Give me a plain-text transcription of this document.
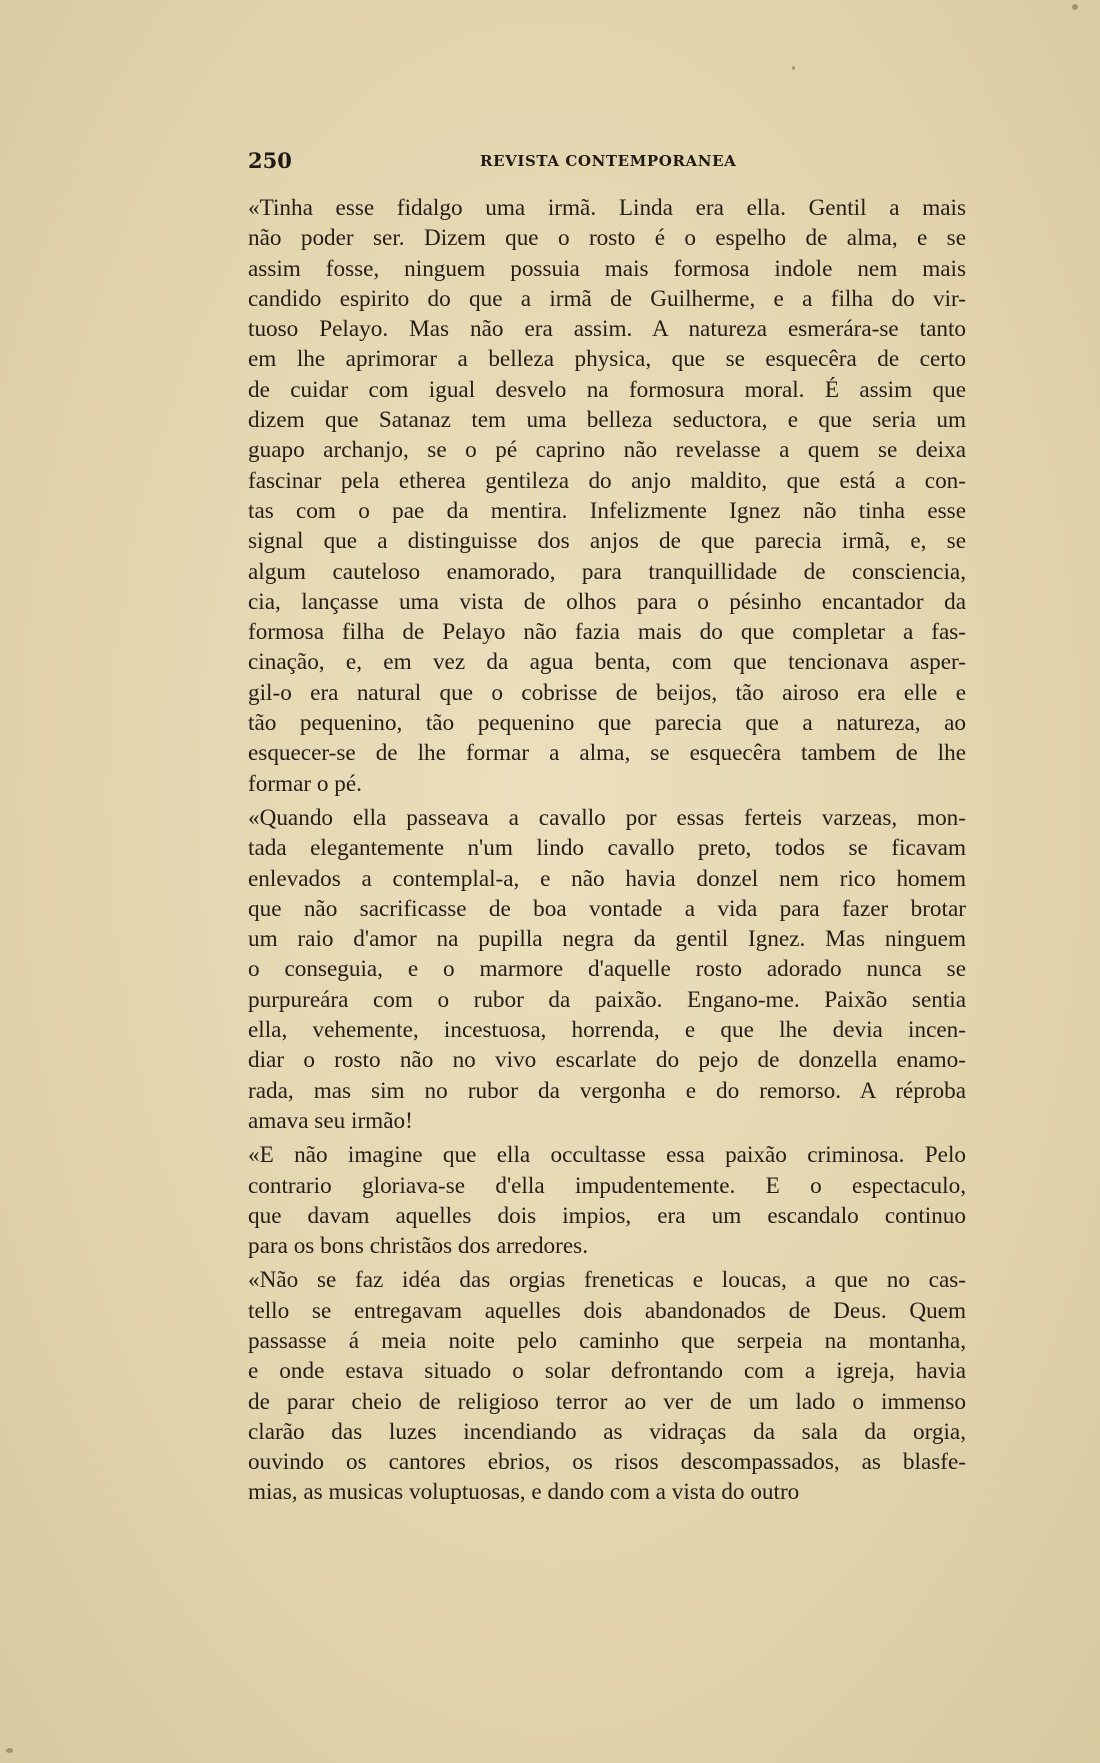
250	REVISTA CONTEMPORANEA
«Tinha esse fidalgo uma irmã. Linda era ella. Gentil a mais
não poder ser. Dizem que o rosto é o espelho de alma, e se
assim fosse, ninguem possuia mais formosa indole nem mais
candido espirito do que a irmã de Guilherme, e a filha do vir-
tuoso Pelayo. Mas não era assim. A natureza esmerára-se tanto
em lhe aprimorar a belleza physica, que se esquecêra de certo
de cuidar com igual desvelo na formosura moral. É assim que
dizem que Satanaz tem uma belleza seductora, e que seria um
guapo archanjo, se o pé caprino não revelasse a quem se deixa
fascinar pela etherea gentileza do anjo maldito, que está a con-
tas com o pae da mentira. Infelizmente Ignez não tinha esse
signal que a distinguisse dos anjos de que parecia irmã, e, se
algum cauteloso enamorado, para tranquillidade de consciencia,
cia, lançasse uma vista de olhos para o pésinho encantador da
formosa filha de Pelayo não fazia mais do que completar a fas-
cinação, e, em vez da agua benta, com que tencionava asper-
gil-o era natural que o cobrisse de beijos, tão airoso era elle e
tão pequenino, tão pequenino que parecia que a natureza, ao
esquecer-se de lhe formar a alma, se esquecêra tambem de lhe
formar o pé.
«Quando ella passeava a cavallo por essas ferteis varzeas, mon-
tada elegantemente n'um lindo cavallo preto, todos se ficavam
enlevados a contemplal-a, e não havia donzel nem rico homem
que não sacrificasse de boa vontade a vida para fazer brotar
um raio d'amor na pupilla negra da gentil Ignez. Mas ninguem
o conseguia, e o marmore d'aquelle rosto adorado nunca se
purpureára com o rubor da paixão. Engano-me. Paixão sentia
ella, vehemente, incestuosa, horrenda, e que lhe devia incen-
diar o rosto não no vivo escarlate do pejo de donzella enamo-
rada, mas sim no rubor da vergonha e do remorso. A réproba
amava seu irmão!
«E não imagine que ella occultasse essa paixão criminosa. Pelo
contrario gloriava-se d'ella impudentemente. E o espectaculo,
que davam aquelles dois impios, era um escandalo continuo
para os bons christãos dos arredores.
«Não se faz idéa das orgias freneticas e loucas, a que no cas-
tello se entregavam aquelles dois abandonados de Deus. Quem
passasse á meia noite pelo caminho que serpeia na montanha,
e onde estava situado o solar defrontando com a igreja, havia
de parar cheio de religioso terror ao ver de um lado o immenso
clarão das luzes incendiando as vidraças da sala da orgia,
ouvindo os cantores ebrios, os risos descompassados, as blasfe-
mias, as musicas voluptuosas, e dando com a vista do outro
